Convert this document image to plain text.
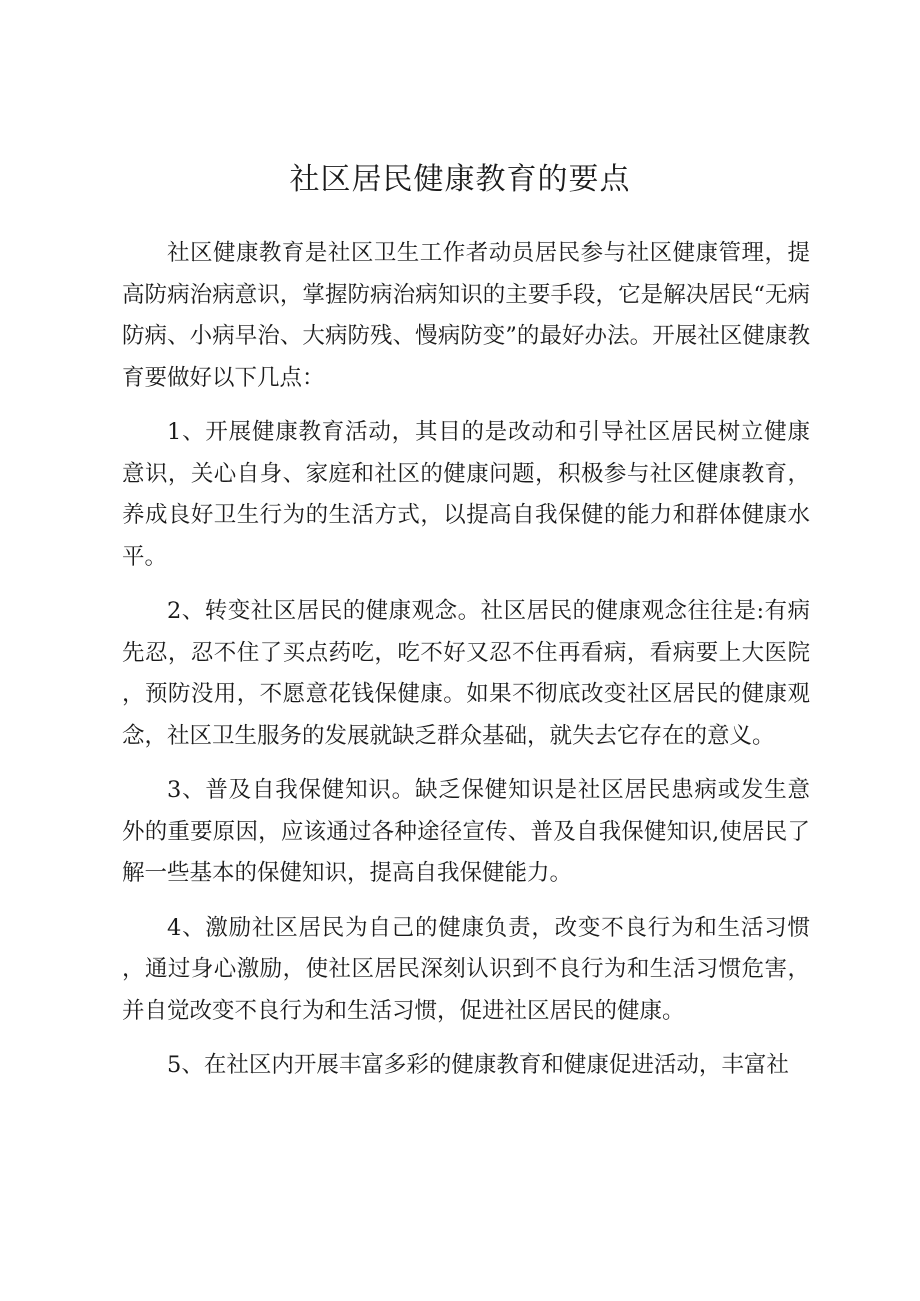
社区居民健康教育的要点

社区健康教育是社区卫生工作者动员居民参与社区健康管理，提高防病治病意识，掌握防病治病知识的主要手段，它是解决居民“无病防病、小病早治、大病防残、慢病防变”的最好办法。开展社区健康教育要做好以下几点：

1、开展健康教育活动，其目的是改动和引导社区居民树立健康意识，关心自身、家庭和社区的健康问题，积极参与社区健康教育，养成良好卫生行为的生活方式，以提高自我保健的能力和群体健康水平。

2、转变社区居民的健康观念。社区居民的健康观念往往是:有病先忍，忍不住了买点药吃，吃不好又忍不住再看病，看病要上大医院，预防没用，不愿意花钱保健康。如果不彻底改变社区居民的健康观念，社区卫生服务的发展就缺乏群众基础，就失去它存在的意义。

3、普及自我保健知识。缺乏保健知识是社区居民患病或发生意外的重要原因，应该通过各种途径宣传、普及自我保健知识,使居民了解一些基本的保健知识，提高自我保健能力。

4、激励社区居民为自己的健康负责，改变不良行为和生活习惯，通过身心激励，使社区居民深刻认识到不良行为和生活习惯危害，并自觉改变不良行为和生活习惯，促进社区居民的健康。

5、在社区内开展丰富多彩的健康教育和健康促进活动，丰富社
